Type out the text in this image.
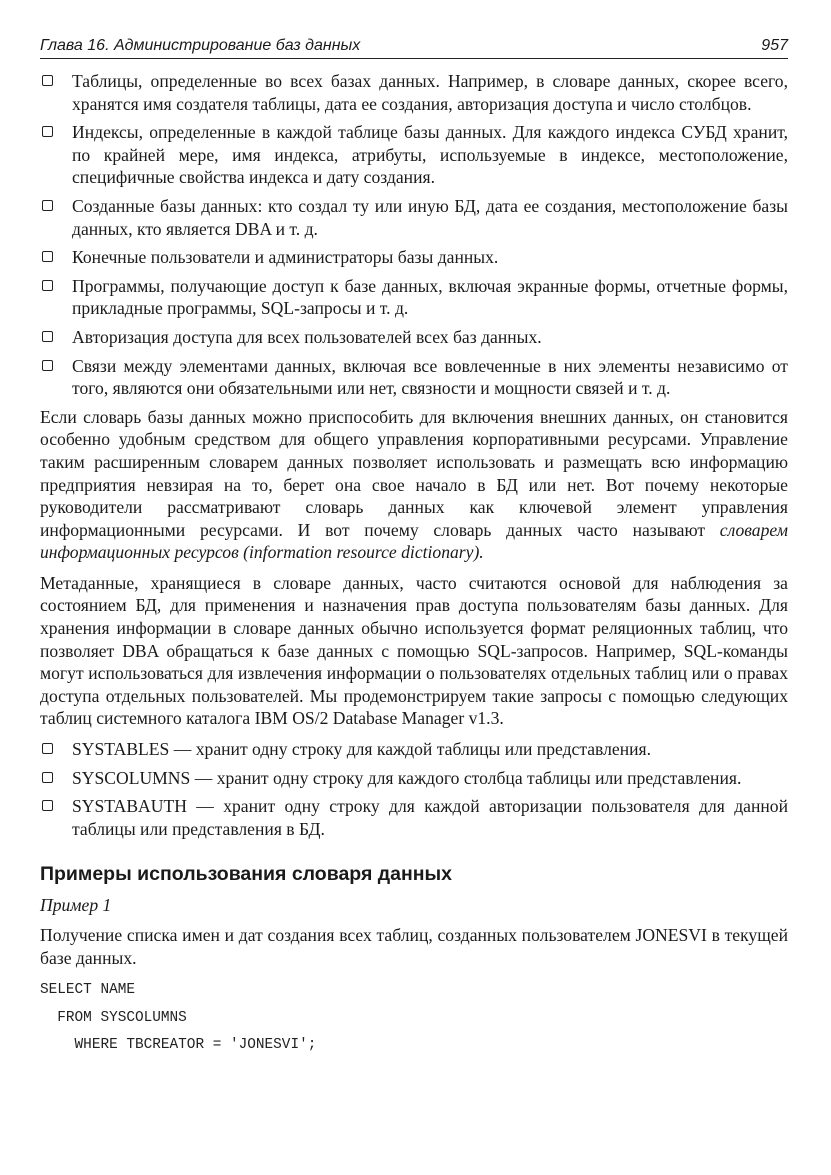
Глава 16. Администрирование баз данных	957
Таблицы, определенные во всех базах данных. Например, в словаре данных, скорее всего, хранятся имя создателя таблицы, дата ее создания, авторизация доступа и число столбцов.
Индексы, определенные в каждой таблице базы данных. Для каждого индекса СУБД хранит, по крайней мере, имя индекса, атрибуты, используемые в индексе, местоположение, специфичные свойства индекса и дату создания.
Созданные базы данных: кто создал ту или иную БД, дата ее создания, местоположение базы данных, кто является DBA и т. д.
Конечные пользователи и администраторы базы данных.
Программы, получающие доступ к базе данных, включая экранные формы, отчетные формы, прикладные программы, SQL-запросы и т. д.
Авторизация доступа для всех пользователей всех баз данных.
Связи между элементами данных, включая все вовлеченные в них элементы независимо от того, являются они обязательными или нет, связности и мощности связей и т. д.

Если словарь базы данных можно приспособить для включения внешних данных, он становится особенно удобным средством для общего управления корпоративными ресурсами. Управление таким расширенным словарем данных позволяет использовать и размещать всю информацию предприятия невзирая на то, берет она свое начало в БД или нет. Вот почему некоторые руководители рассматривают словарь данных как ключевой элемент управления информационными ресурсами. И вот почему словарь данных часто называют словарем информационных ресурсов (information resource dictionary).

Метаданные, хранящиеся в словаре данных, часто считаются основой для наблюдения за состоянием БД, для применения и назначения прав доступа пользователям базы данных. Для хранения информации в словаре данных обычно используется формат реляционных таблиц, что позволяет DBA обращаться к базе данных с помощью SQL-запросов. Например, SQL-команды могут использоваться для извлечения информации о пользователях отдельных таблиц или о правах доступа отдельных пользователей. Мы продемонстрируем такие запросы с помощью следующих таблиц системного каталога IBM OS/2 Database Manager v1.3.

SYSTABLES — хранит одну строку для каждой таблицы или представления.
SYSCOLUMNS — хранит одну строку для каждого столбца таблицы или представления.
SYSTABAUTH — хранит одну строку для каждой авторизации пользователя для данной таблицы или представления в БД.
Примеры использования словаря данных
Пример 1

Получение списка имен и дат создания всех таблиц, созданных пользователем JONESVI в текущей базе данных.

SELECT NAME
FROM SYSCOLUMNS
WHERE TBCREATOR = 'JONESVI';
